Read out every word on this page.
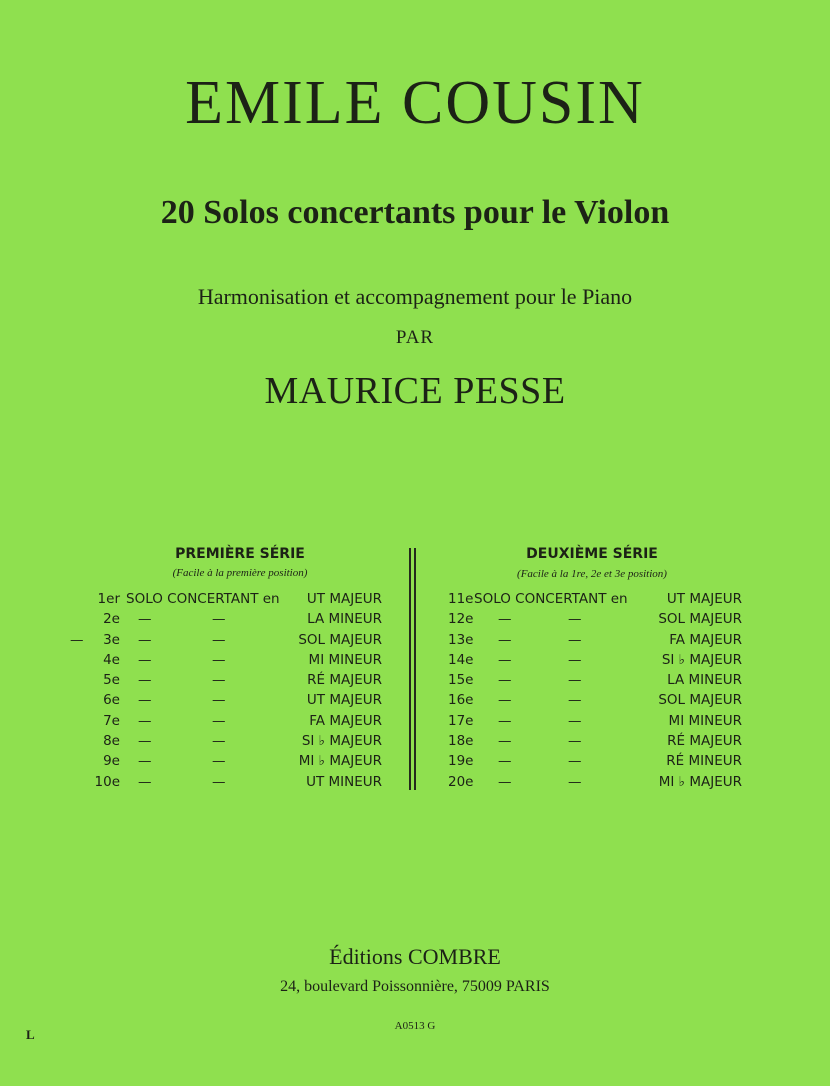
EMILE COUSIN
20 Solos concertants pour le Violon
Harmonisation et accompagnement pour le Piano
PAR
MAURICE PESSE
PREMIÈRE SÉRIE
(Facile à la première position)
DEUXIÈME SÉRIE
(Facile à la 1re, 2e et 3e position)
1er SOLO CONCERTANT en UT MAJEUR
2e —	—	LA MINEUR
— 3e —	—	SOL MAJEUR
4e —	—	MI MINEUR
5e —	—	RÉ MAJEUR
6e —	—	UT MAJEUR
7e —	—	FA MAJEUR
8e —	—	SI ♭ MAJEUR
9e —	—	MI ♭ MAJEUR
10e —	—	UT MINEUR
11e SOLO CONCERTANT en	UT MAJEUR
12e —	—	SOL MAJEUR
13e —	—	FA MAJEUR
14e —	—	SI ♭ MAJEUR
15e —	—	LA MINEUR
16e —	—	SOL MAJEUR
17e —	—	MI MINEUR
18e —	—	RÉ MAJEUR
19e —	—	RÉ MINEUR
20e —	—	MI ♭ MAJEUR
Éditions COMBRE
24, boulevard Poissonnière, 75009 PARIS
A0513 G
L
